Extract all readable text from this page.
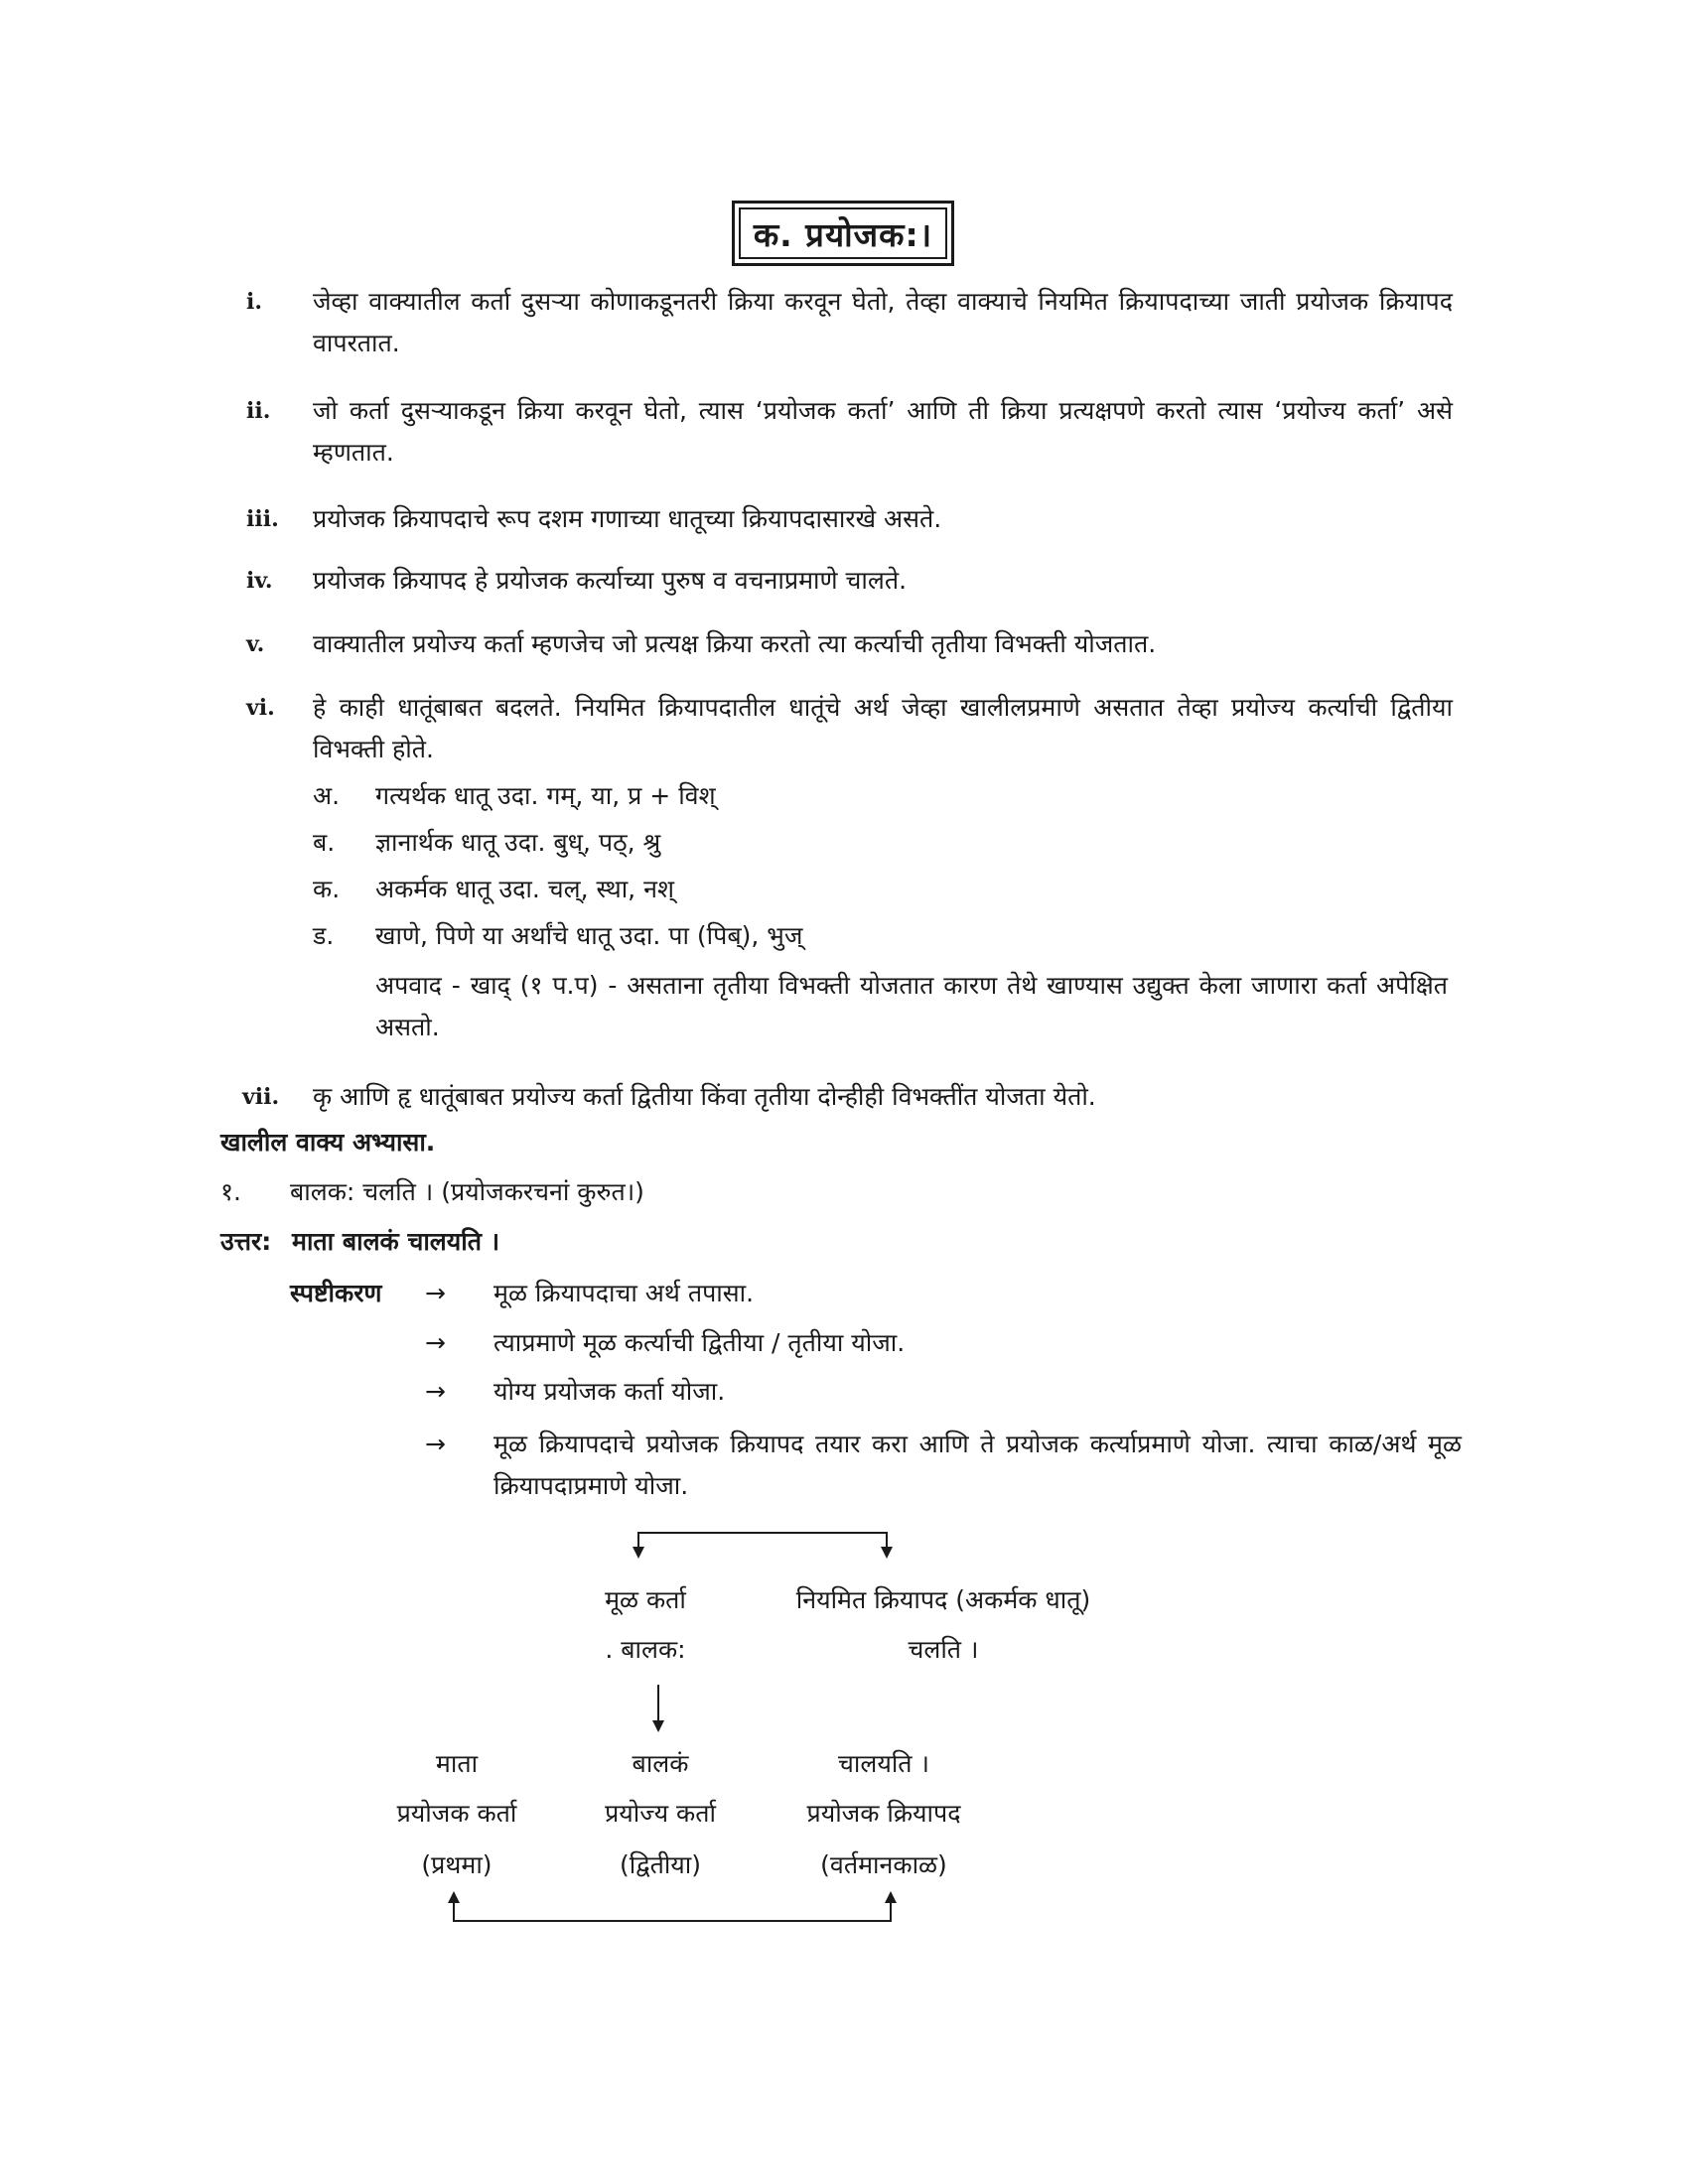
क. प्रयोजक:।
i.	जेव्हा वाक्यातील कर्ता दुसऱ्या कोणाकडूनतरी क्रिया करवून घेतो, तेव्हा वाक्याचे नियमित क्रियापदाच्या जाती प्रयोजक क्रियापद वापरतात.
ii.	जो कर्ता दुसऱ्याकडून क्रिया करवून घेतो, त्यास ‘प्रयोजक कर्ता’ आणि ती क्रिया प्रत्यक्षपणे करतो त्यास ‘प्रयोज्य कर्ता’ असे म्हणतात.
iii.	प्रयोजक क्रियापदाचे रूप दशम गणाच्या धातूच्या क्रियापदासारखे असते.
iv.	प्रयोजक क्रियापद हे प्रयोजक कर्त्याच्या पुरुष व वचनाप्रमाणे चालते.
v.	वाक्यातील प्रयोज्य कर्ता म्हणजेच जो प्रत्यक्ष क्रिया करतो त्या कर्त्याची तृतीया विभक्ती योजतात.
vi.	हे काही धातूंबाबत बदलते. नियमित क्रियापदातील धातूंचे अर्थ जेव्हा खालीलप्रमाणे असतात तेव्हा प्रयोज्य कर्त्याची द्वितीया विभक्ती होते.
अ.	गत्यर्थक धातू उदा. गम्, या, प्र + विश्
ब.	ज्ञानार्थक धातू उदा. बुध्, पठ्, श्रु
क.	अकर्मक धातू उदा. चल्, स्था, नश्
ड.	खाणे, पिणे या अर्थांचे धातू उदा. पा (पिब्), भुज्
अपवाद - खाद् (१ प.प) - असताना तृतीया विभक्ती योजतात कारण तेथे खाण्यास उद्युक्त केला जाणारा कर्ता अपेक्षित असतो.
vii.	कृ आणि हृ धातूंबाबत प्रयोज्य कर्ता द्वितीया किंवा तृतीया दोन्हीही विभक्तींत योजता येतो.
खालील वाक्य अभ्यासा.
१. बालक: चलति । (प्रयोजकरचनां कुरुत।)
उत्तर: माता बालकं चालयति ।
स्पष्टीकरण → मूळ क्रियापदाचा अर्थ तपासा.
→ त्याप्रमाणे मूळ कर्त्याची द्वितीया / तृतीया योजा.
→ योग्य प्रयोजक कर्ता योजा.
→ मूळ क्रियापदाचे प्रयोजक क्रियापद तयार करा आणि ते प्रयोजक कर्त्याप्रमाणे योजा. त्याचा काळ/अर्थ मूळ क्रियापदाप्रमाणे योजा.
मूळ कर्ता
. बालक:
नियमित क्रियापद (अकर्मक धातू)
चलति ।
माता
प्रयोजक कर्ता
(प्रथमा)
बालकं
प्रयोज्य कर्ता
(द्वितीया)
चालयति ।
प्रयोजक क्रियापद
(वर्तमानकाळ)
